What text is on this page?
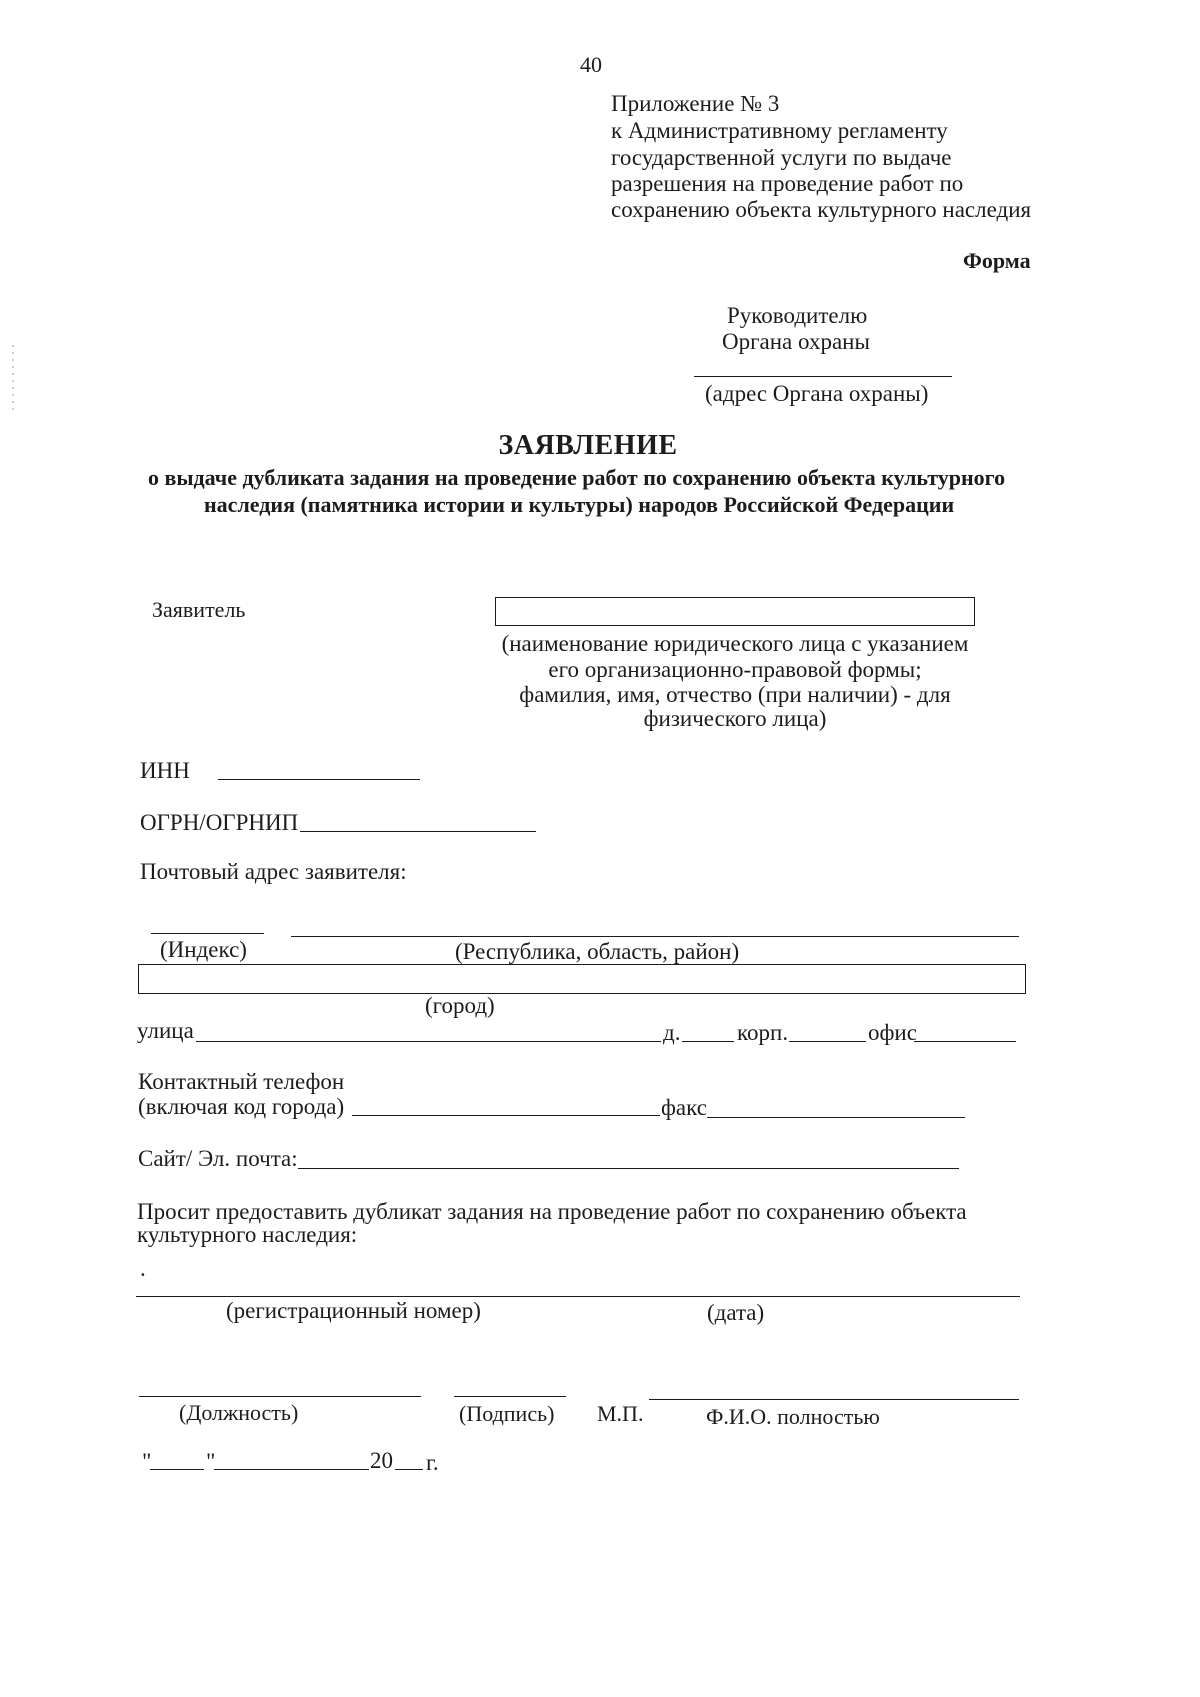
40
Приложение № 3
к Административному регламенту
государственной услуги по выдаче
разрешения на проведение работ по
сохранению объекта культурного наследия
Форма
Руководителю
Органа охраны
(адрес Органа охраны)
ЗАЯВЛЕНИЕ
о выдаче дубликата задания на проведение работ по сохранению объекта культурного
наследия (памятника истории и культуры) народов Российской Федерации
Заявитель
(наименование юридического лица с указанием
его организационно-правовой формы;
фамилия, имя, отчество (при наличии) - для
физического лица)
ИНН
ОГРН/ОГРНИП
Почтовый адрес заявителя:
(Индекс)	(Республика, область, район)
(город)
улица	д. корп.	офис
Контактный телефон
(включая код города)	факс
Сайт/ Эл. почта:
Просит предоставить дубликат задания на проведение работ по сохранению объекта
культурного наследия:
.
(регистрационный номер)	(дата)
(Должность)	(Подпись) М.П.	Ф.И.О. полностью
" "	20 г.
